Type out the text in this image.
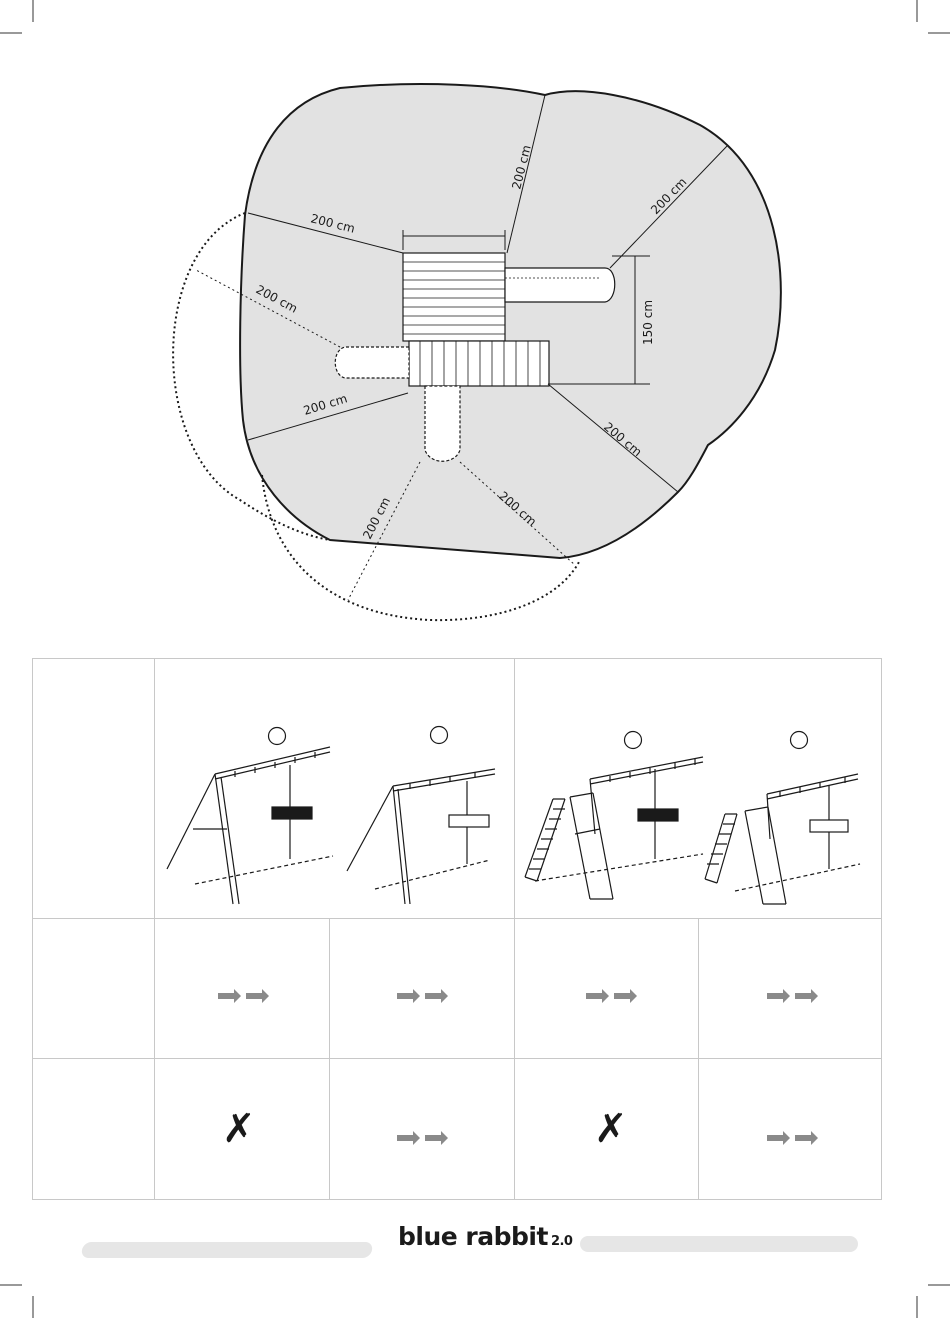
200 cm
200 cm
200 cm
200 cm
200 cm
200 cm
200 cm
200 cm
150 cm
✗	✗
blue rabbit 2.0
